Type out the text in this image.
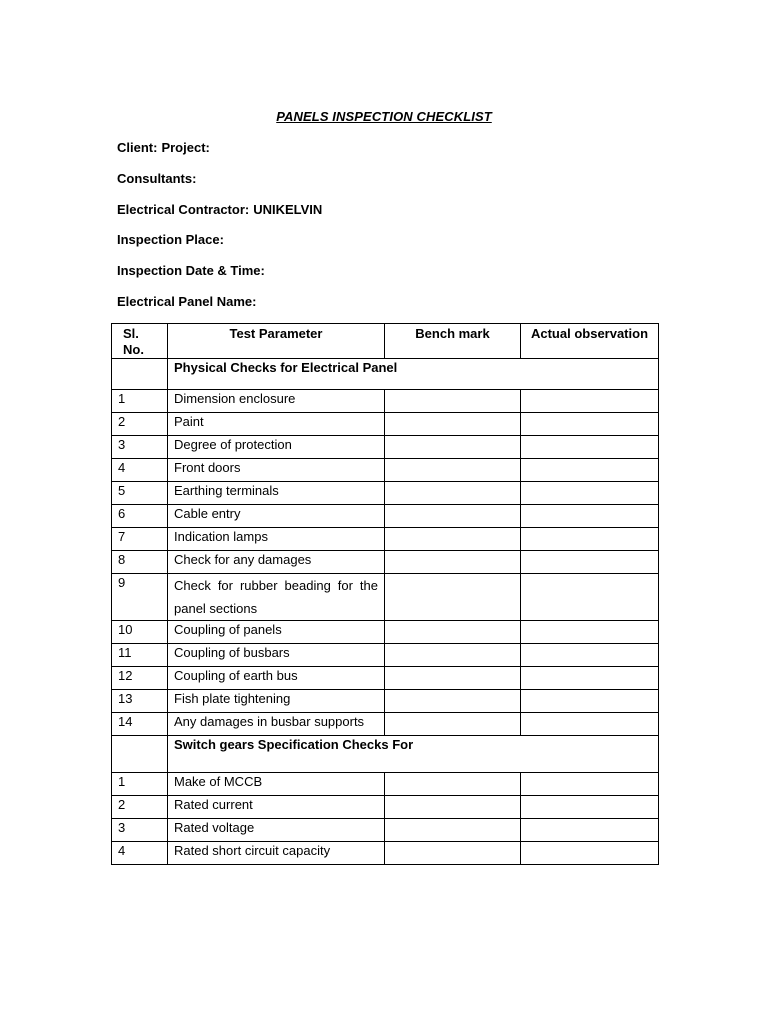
PANELS INSPECTION CHECKLIST
Client: Project:
Consultants:
Electrical Contractor: UNIKELVIN
Inspection Place:
Inspection Date & Time:
Electrical Panel Name:
Sl. No.	Test Parameter	Bench mark	Actual observation
	Physical Checks for Electrical Panel		
1	Dimension enclosure		
2	Paint		
3	Degree of protection		
4	Front doors		
5	Earthing terminals		
6	Cable entry		
7	Indication lamps		
8	Check for any damages		
9	Check for rubber beading for the panel sections		
10	Coupling of panels		
11	Coupling of busbars		
12	Coupling of earth bus		
13	Fish plate tightening		
14	Any damages in busbar supports		
	Switch gears Specification Checks For		
1	Make of MCCB		
2	Rated current		
3	Rated voltage		
4	Rated short circuit capacity		
